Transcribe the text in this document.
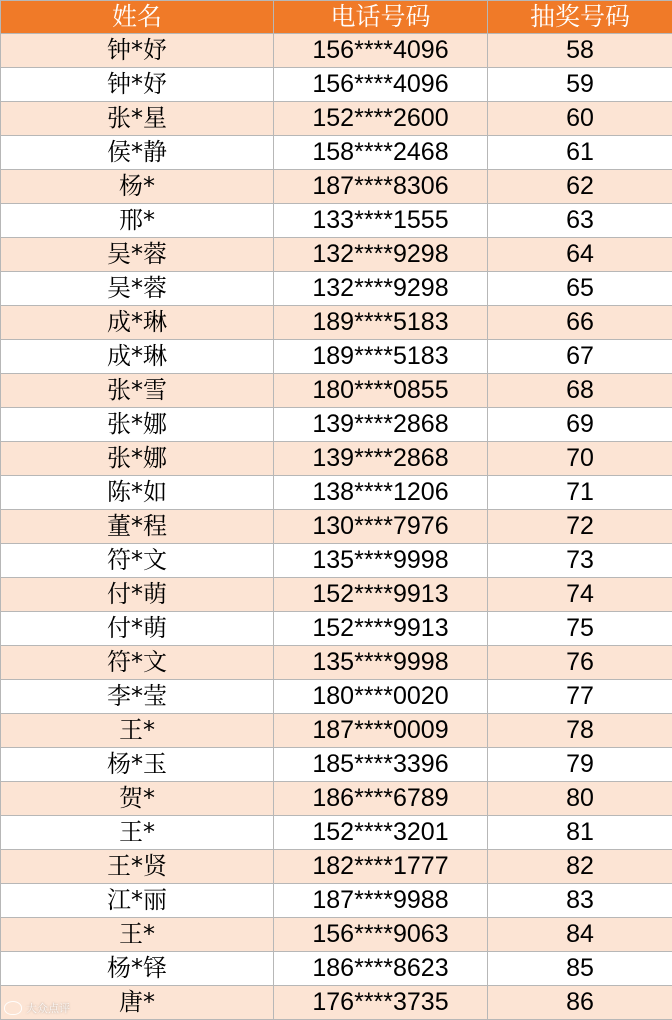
姓名	电话号码	抽奖号码
钟*妤	156****4096	58
钟*妤	156****4096	59
张*星	152****2600	60
侯*静	158****2468	61
杨*	187****8306	62
邢*	133****1555	63
吴*蓉	132****9298	64
吴*蓉	132****9298	65
成*琳	189****5183	66
成*琳	189****5183	67
张*雪	180****0855	68
张*娜	139****2868	69
张*娜	139****2868	70
陈*如	138****1206	71
董*程	130****7976	72
符*文	135****9998	73
付*萌	152****9913	74
付*萌	152****9913	75
符*文	135****9998	76
李*莹	180****0020	77
王*	187****0009	78
杨*玉	185****3396	79
贺*	186****6789	80
王*	152****3201	81
王*贤	182****1777	82
江*丽	187****9988	83
王*	156****9063	84
杨*铎	186****8623	85
唐*	176****3735	86
大众点评
